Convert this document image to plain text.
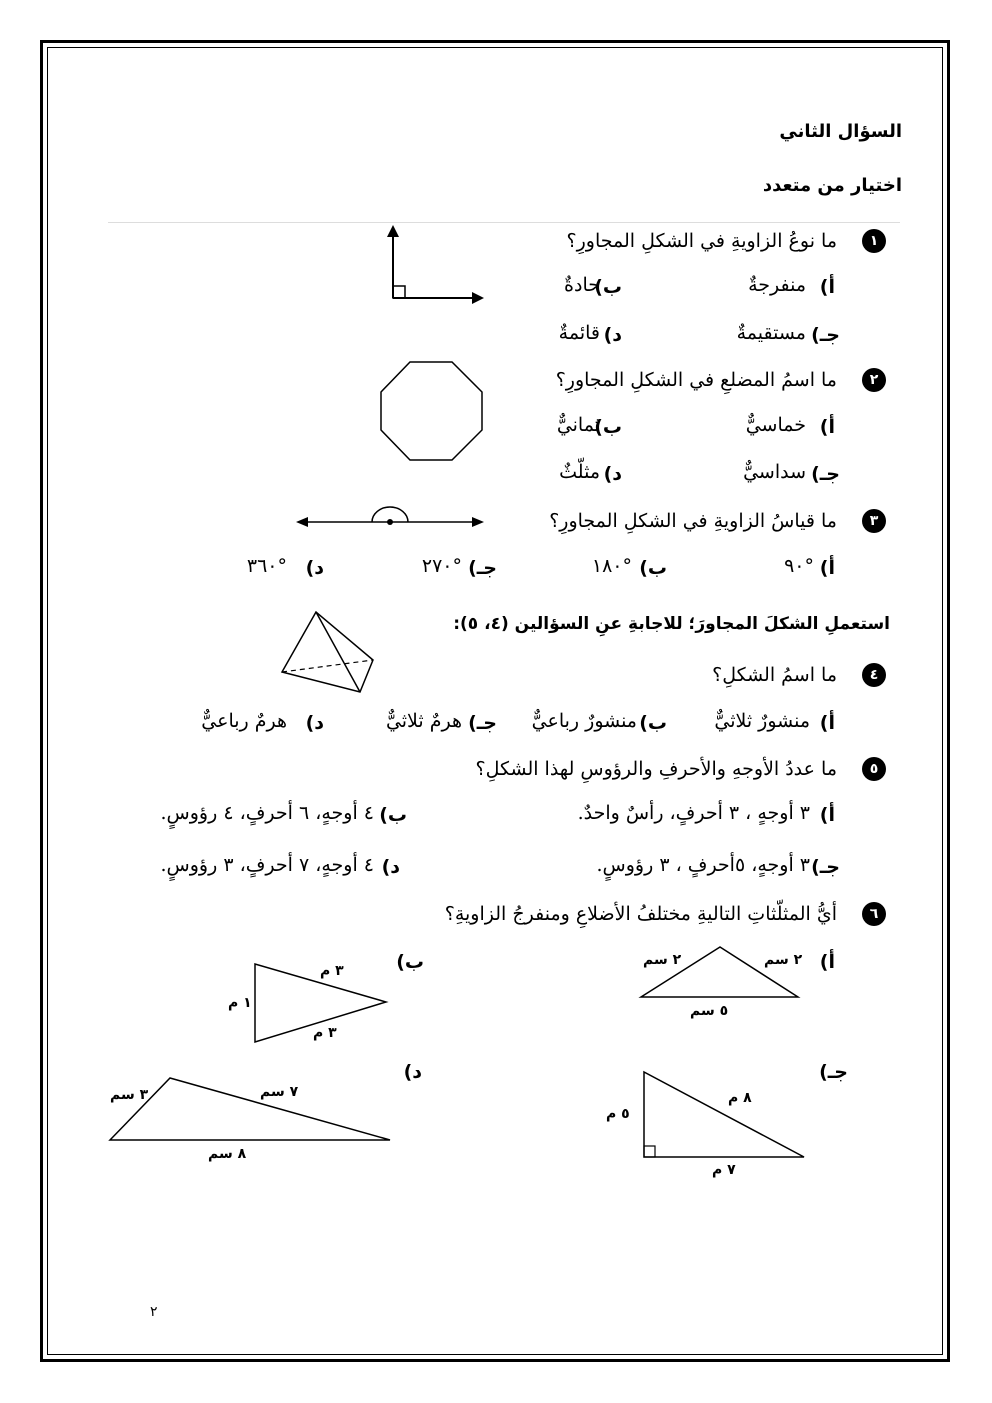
السؤال الثاني
اختيار من متعدد
١
ما نوعُ الزاويةِ في الشكلِ المجاورِ؟
أ)
منفرجةٌ
ب)
حادةٌ
جـ)
مستقيمةٌ
د)
قائمةٌ
٢
ما اسمُ المضلعِ في الشكلِ المجاورِ؟
أ)
خماسيٌّ
ب)
ثمانيٌّ
جـ)
سداسيٌّ
د)
مثلّثٌ
٣
ما قياسُ الزاويةِ في الشكلِ المجاورِ؟
أ)
°٩٠
ب)
°١٨٠
جـ)
°٢٧٠
د)
°٣٦٠
استعملِ الشكلَ المجاورَ؛ للاجابةِ عنِ السؤالين (٤، ٥):
٤
ما اسمُ الشكلِ؟
أ)
منشورٌ ثلاثيٌّ
ب)
منشورٌ رباعيٌّ
جـ)
هرمٌ ثلاثيٌّ
د)
هرمٌ رباعيٌّ
٥
ما عددُ الأوجهِ والأحرفِ والرؤوسِ لهذا الشكلِ؟
أ)
٣ أوجهٍ ، ٣ أحرفٍ، رأسٌ واحدٌ.
ب)
٤ أوجهٍ، ٦ أحرفٍ، ٤ رؤوسٍ.
جـ)
٣ أوجهٍ، ٥أحرفٍ ، ٣ رؤوسٍ.
د)
٤ أوجهٍ، ٧ أحرفٍ، ٣ رؤوسٍ.
٦
أيُّ المثلّثاتِ التاليةِ مختلفُ الأضلاعِ ومنفرجُ الزاويةِ؟
أ)
ب)
جـ)
د)
٢ سم	٢ سم
٥ سم
٣ م
١ م
٣ م
٨ م
٥ م
٧ م
٣ سم	٧ سم
٨ سم
٢
